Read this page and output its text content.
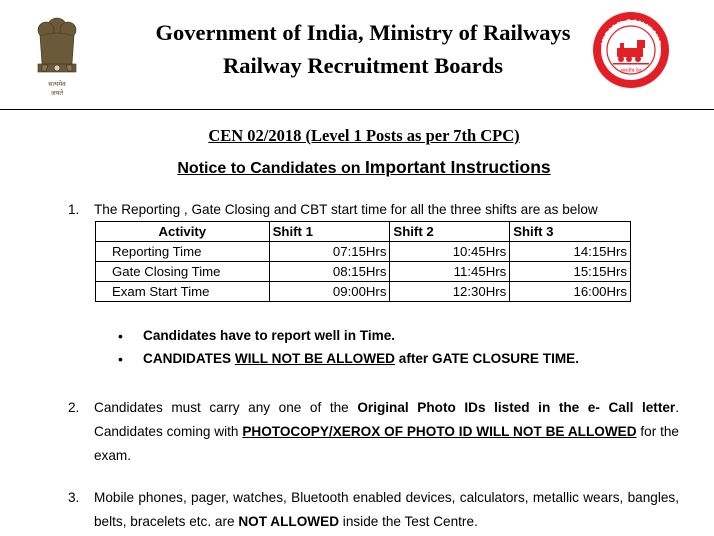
सत्यमेव
जयते
Government of India, Ministry of Railways
Railway Recruitment Boards
INDIAN RAILWAYS
भारतीय रेल
CEN 02/2018 (Level 1 Posts as per 7th CPC)
Notice to Candidates on Important Instructions
1. The Reporting , Gate Closing and CBT start time for all the three shifts are as below
Activity	Shift 1	Shift 2	Shift 3
Reporting Time	07:15Hrs	10:45Hrs	14:15Hrs
Gate Closing Time	08:15Hrs	11:45Hrs	15:15Hrs
Exam Start Time	09:00Hrs	12:30Hrs	16:00Hrs
• Candidates have to report well in Time.
• CANDIDATES WILL NOT BE ALLOWED after GATE CLOSURE TIME.
2. Candidates must carry any one of the Original Photo IDs listed in the e- Call letter. Candidates coming with PHOTOCOPY/XEROX OF PHOTO ID WILL NOT BE ALLOWED for the exam.
3. Mobile phones, pager, watches, Bluetooth enabled devices, calculators, metallic wears, bangles, belts, bracelets etc. are NOT ALLOWED inside the Test Centre.
